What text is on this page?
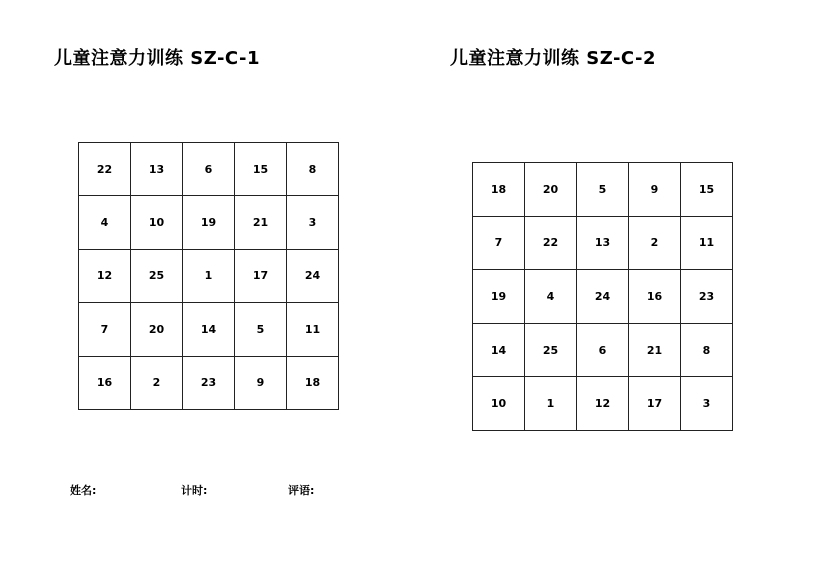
儿童注意力训练 SZ-C-1	儿童注意力训练 SZ-C-2
22	13	6	15	8
4	10	19	21	3
12	25	1	17	24
7	20	14	5	11
16	2	23	9	18
18	20	5	9	15
7	22	13	2	11
19	4	24	16	23
14	25	6	21	8
10	1	12	17	3
姓名:	计时:	评语:
